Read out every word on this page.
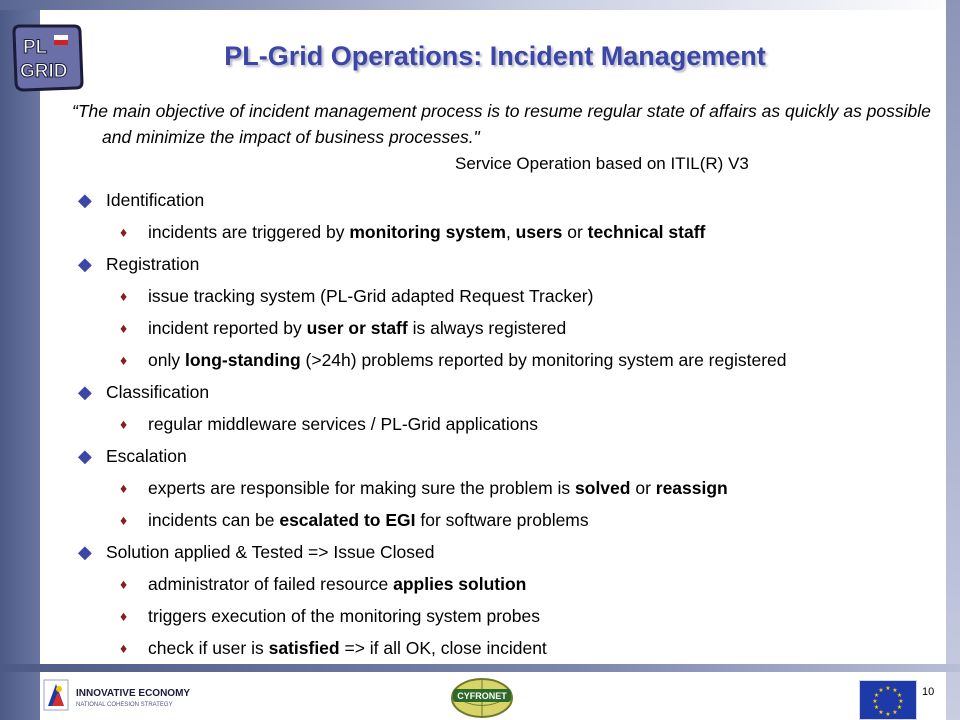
PL
GRID
PL-Grid Operations: Incident Management
“The main objective of incident management process is to resume regular state of affairs as quickly as possible and minimize the impact of business processes."
Service Operation based on ITIL(R) V3
◆ Identification
♦ incidents are triggered by monitoring system, users or technical staff
◆ Registration
♦ issue tracking system (PL-Grid adapted Request Tracker)
♦ incident reported by user or staff is always registered
♦ only long-standing (>24h) problems reported by monitoring system are registered
◆ Classification
♦ regular middleware services / PL-Grid applications
◆ Escalation
♦ experts are responsible for making sure the problem is solved or reassign
♦ incidents can be escalated to EGI for software problems
◆ Solution applied & Tested => Issue Closed
♦ administrator of failed resource applies solution
♦ triggers execution of the monitoring system probes
♦ check if user is satisfied => if all OK, close incident
INNOVATIVE ECONOMY
NATIONAL COHESION STRATEGY
CYFRONET
★ ★
★
★
★
★
★
★
★
★
★
★	10
